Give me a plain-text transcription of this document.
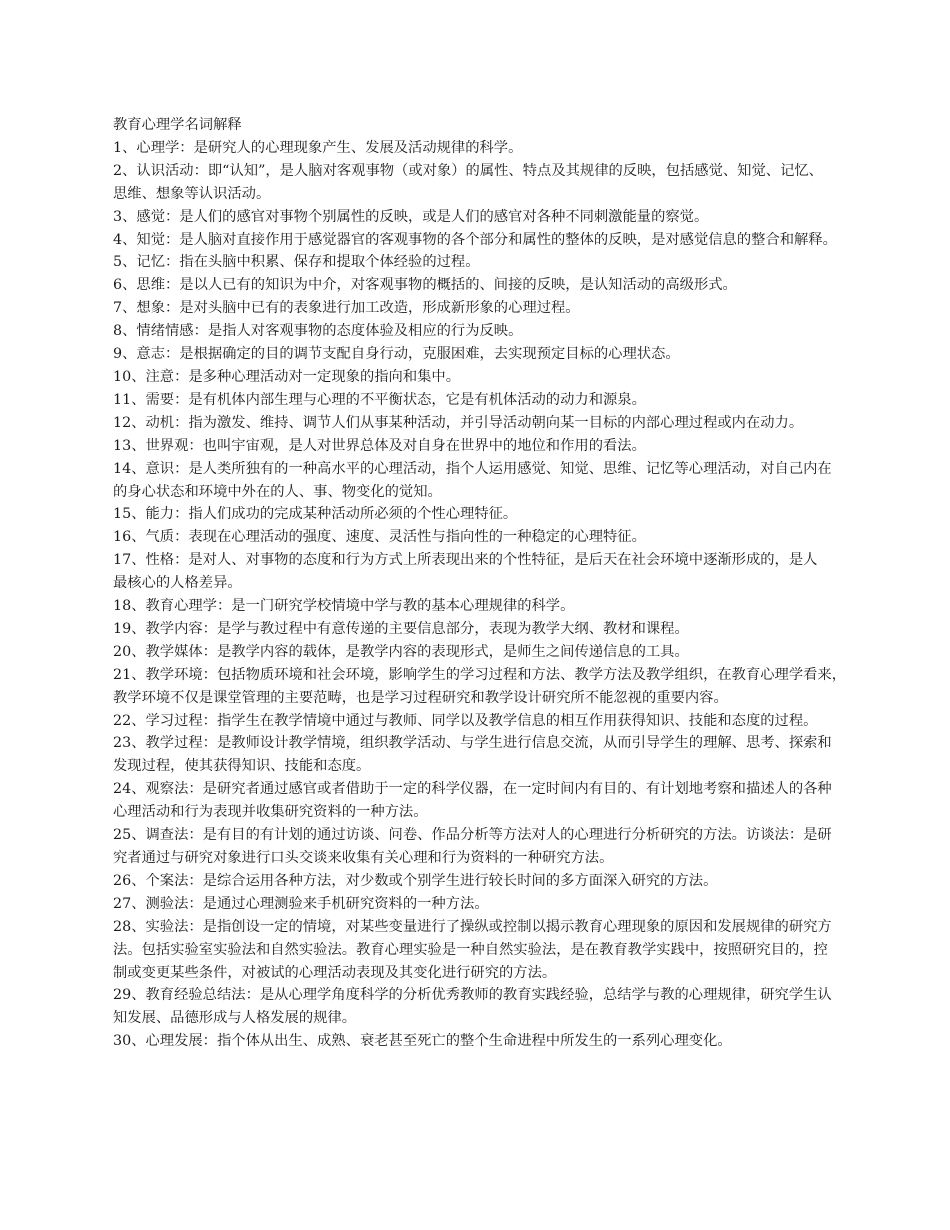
教育心理学名词解释
1、心理学：是研究人的心理现象产生、发展及活动规律的科学。
2、认识活动：即“认知”，是人脑对客观事物（或对象）的属性、特点及其规律的反映，包括感觉、知觉、记忆、
思维、想象等认识活动。
3、感觉：是人们的感官对事物个别属性的反映，或是人们的感官对各种不同刺激能量的察觉。
4、知觉：是人脑对直接作用于感觉器官的客观事物的各个部分和属性的整体的反映，是对感觉信息的整合和解释。
5、记忆：指在头脑中积累、保存和提取个体经验的过程。
6、思维：是以人已有的知识为中介，对客观事物的概括的、间接的反映，是认知活动的高级形式。
7、想象：是对头脑中已有的表象进行加工改造，形成新形象的心理过程。
8、情绪情感：是指人对客观事物的态度体验及相应的行为反映。
9、意志：是根据确定的目的调节支配自身行动，克服困难，去实现预定目标的心理状态。
10、注意：是多种心理活动对一定现象的指向和集中。
11、需要：是有机体内部生理与心理的不平衡状态，它是有机体活动的动力和源泉。
12、动机：指为激发、维持、调节人们从事某种活动，并引导活动朝向某一目标的内部心理过程或内在动力。
13、世界观：也叫宇宙观，是人对世界总体及对自身在世界中的地位和作用的看法。
14、意识：是人类所独有的一种高水平的心理活动，指个人运用感觉、知觉、思维、记忆等心理活动，对自己内在
的身心状态和环境中外在的人、事、物变化的觉知。
15、能力：指人们成功的完成某种活动所必须的个性心理特征。
16、气质：表现在心理活动的强度、速度、灵活性与指向性的一种稳定的心理特征。
17、性格：是对人、对事物的态度和行为方式上所表现出来的个性特征，是后天在社会环境中逐渐形成的，是人
最核心的人格差异。
18、教育心理学：是一门研究学校情境中学与教的基本心理规律的科学。
19、教学内容：是学与教过程中有意传递的主要信息部分，表现为教学大纲、教材和课程。
20、教学媒体：是教学内容的载体，是教学内容的表现形式，是师生之间传递信息的工具。
21、教学环境：包括物质环境和社会环境，影响学生的学习过程和方法、教学方法及教学组织，在教育心理学看来，
教学环境不仅是课堂管理的主要范畴，也是学习过程研究和教学设计研究所不能忽视的重要内容。
22、学习过程：指学生在教学情境中通过与教师、同学以及教学信息的相互作用获得知识、技能和态度的过程。
23、教学过程：是教师设计教学情境，组织教学活动、与学生进行信息交流，从而引导学生的理解、思考、探索和
发现过程，使其获得知识、技能和态度。
24、观察法：是研究者通过感官或者借助于一定的科学仪器，在一定时间内有目的、有计划地考察和描述人的各种
心理活动和行为表现并收集研究资料的一种方法。
25、调查法：是有目的有计划的通过访谈、问卷、作品分析等方法对人的心理进行分析研究的方法。访谈法：是研
究者通过与研究对象进行口头交谈来收集有关心理和行为资料的一种研究方法。
26、个案法：是综合运用各种方法，对少数或个别学生进行较长时间的多方面深入研究的方法。
27、测验法：是通过心理测验来手机研究资料的一种方法。
28、实验法：是指创设一定的情境，对某些变量进行了操纵或控制以揭示教育心理现象的原因和发展规律的研究方
法。包括实验室实验法和自然实验法。教育心理实验是一种自然实验法，是在教育教学实践中，按照研究目的，控
制或变更某些条件，对被试的心理活动表现及其变化进行研究的方法。
29、教育经验总结法：是从心理学角度科学的分析优秀教师的教育实践经验，总结学与教的心理规律，研究学生认
知发展、品德形成与人格发展的规律。
30、心理发展：指个体从出生、成熟、衰老甚至死亡的整个生命进程中所发生的一系列心理变化。
